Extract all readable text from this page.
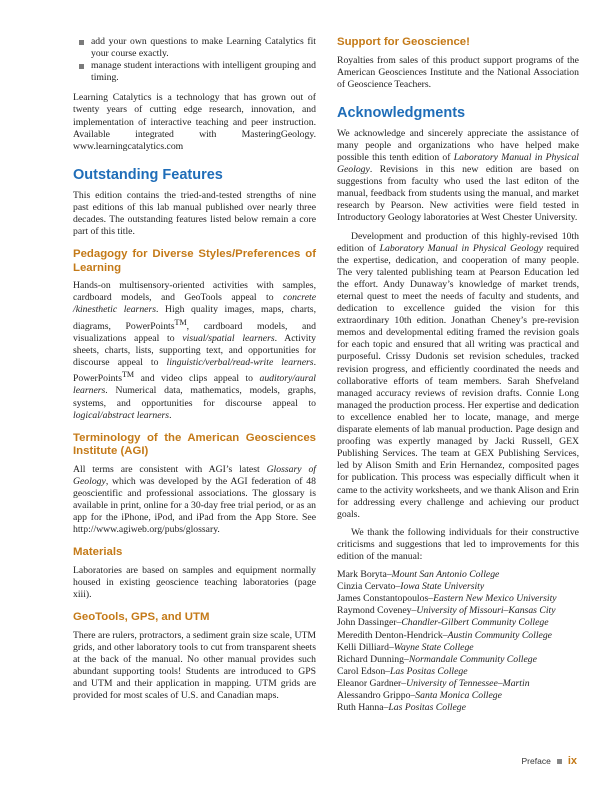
add your own questions to make Learning Catalytics fit your course exactly.
manage student interactions with intelligent grouping and timing.

Learning Catalytics is a technology that has grown out of twenty years of cutting edge research, innovation, and implementation of interactive teaching and peer instruction. Available integrated with MasteringGeology. www.learningcatalytics.com

Outstanding Features

This edition contains the tried-and-tested strengths of nine past editions of this lab manual published over nearly three decades. The outstanding features listed below remain a core part of this title.

Pedagogy for Diverse Styles/Preferences of Learning

Hands-on multisensory-oriented activities with samples, cardboard models, and GeoTools appeal to concrete /kinesthetic learners. High quality images, maps, charts, diagrams, PowerPoints™, cardboard models, and visualizations appeal to visual/spatial learners. Activity sheets, charts, lists, supporting text, and opportunities for discourse appeal to linguistic/verbal/read-write learners. PowerPoints™ and video clips appeal to auditory/aural learners. Numerical data, mathematics, models, graphs, systems, and opportunities for discourse appeal to logical/abstract learners.

Terminology of the American Geosciences Institute (AGI)

All terms are consistent with AGI’s latest Glossary of Geology, which was developed by the AGI federation of 48 geoscientific and professional associations. The glossary is available in print, online for a 30-day free trial period, or as an app for the iPhone, iPod, and iPad from the App Store. See http://www.agiweb.org/pubs/glossary.

Materials

Laboratories are based on samples and equipment normally housed in existing geoscience teaching laboratories (page xiii).

GeoTools, GPS, and UTM

There are rulers, protractors, a sediment grain size scale, UTM grids, and other laboratory tools to cut from transparent sheets at the back of the manual. No other manual provides such abundant supporting tools! Students are introduced to GPS and UTM and their application in mapping. UTM grids are provided for most scales of U.S. and Canadian maps.

Support for Geoscience!

Royalties from sales of this product support programs of the American Geosciences Institute and the National Association of Geoscience Teachers.

Acknowledgments

We acknowledge and sincerely appreciate the assistance of many people and organizations who have helped make possible this tenth edition of Laboratory Manual in Physical Geology. Revisions in this new edition are based on suggestions from faculty who used the last editon of the manual, feedback from students using the manual, and market research by Pearson. New activities were field tested in Introductory Geology laboratories at West Chester University.

Development and production of this highly-revised 10th edition of Laboratory Manual in Physical Geology required the expertise, dedication, and cooperation of many people. The very talented publishing team at Pearson Education led the effort. Andy Dunaway’s knowledge of market trends, eternal quest to meet the needs of faculty and students, and dedication to excellence guided the vision for this extraordinary 10th edition. Jonathan Cheney’s pre-revision memos and developmental editing framed the revision goals for each topic and ensured that all writing was practical and purposeful. Crissy Dudonis set revision schedules, tracked revision progress, and efficiently coordinated the needs and collaborative efforts of team members. Sarah Shefveland managed accuracy reviews of revision drafts. Connie Long managed the production process. Her expertise and dedication to excellence enabled her to locate, manage, and merge disparate elements of lab manual production. Page design and proofing was expertly managed by Jacki Russell, GEX Publishing Services. The team at GEX Publishing Services, led by Alison Smith and Erin Hernandez, composited pages for publication. This process was especially difficult when it came to the activity worksheets, and we thank Alison and Erin for addressing every challenge and achieving our product goals.

We thank the following individuals for their constructive criticisms and suggestions that led to improvements for this edition of the manual:

Mark Boryta–Mount San Antonio College

Cinzia Cervato–Iowa State University

James Constantopoulos–Eastern New Mexico University

Raymond Coveney–University of Missouri–Kansas City

John Dassinger–Chandler-Gilbert Community College

Meredith Denton-Hendrick–Austin Community College

Kelli Dilliard–Wayne State College

Richard Dunning–Normandale Community College

Carol Edson–Las Positas College

Eleanor Gardner–University of Tennessee–Martin

Alessandro Grippo–Santa Monica College

Ruth Hanna–Las Positas College

Preface ix
